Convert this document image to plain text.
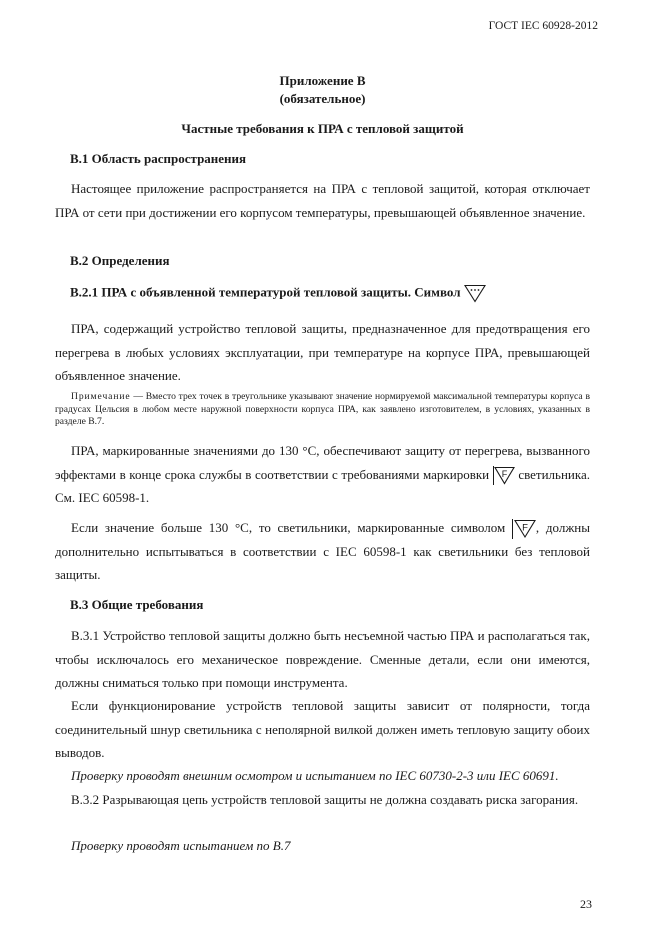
ГОСТ IEC 60928-2012
Приложение В
(обязательное)
Частные требования к ПРА с тепловой защитой
В.1 Область распространения
Настоящее приложение распространяется на ПРА с тепловой защитой, которая отключает ПРА от сети при достижении его корпусом температуры, превышающей объявленное значение.
В.2 Определения
В.2.1 ПРА с объявленной температурой тепловой защиты. Символ
ПРА, содержащий устройство тепловой защиты, предназначенное для предотвращения его перегрева в любых условиях эксплуатации, при температуре на корпусе ПРА, превышающей объявленное значение.
Примечание — Вместо трех точек в треугольнике указывают значение нормируемой максимальной температуры корпуса в градусах Цельсия в любом месте наружной поверхности корпуса ПРА, как заявлено изготовителем, в условиях, указанных в разделе В.7.
ПРА, маркированные значениями до 130 °С, обеспечивают защиту от перегрева, вызванного эффектами в конце срока службы в соответствии с требованиями маркировки F светильника. См. IEC 60598-1.
Если значение больше 130 °С, то светильники, маркированные символом F , должны дополнительно испытываться в соответствии с IEC 60598-1 как светильники без тепловой защиты.
В.3 Общие требования
В.3.1 Устройство тепловой защиты должно быть несъемной частью ПРА и располагаться так, чтобы исключалось его механическое повреждение. Сменные детали, если они имеются, должны сниматься только при помощи инструмента.
Если функционирование устройств тепловой защиты зависит от полярности, тогда соединительный шнур светильника с неполярной вилкой должен иметь тепловую защиту обоих выводов.
Проверку проводят внешним осмотром и испытанием по IEC 60730-2-3 или IEC 60691.
В.3.2 Разрывающая цепь устройств тепловой защиты не должна создавать риска загорания.
Проверку проводят испытанием по В.7
23
